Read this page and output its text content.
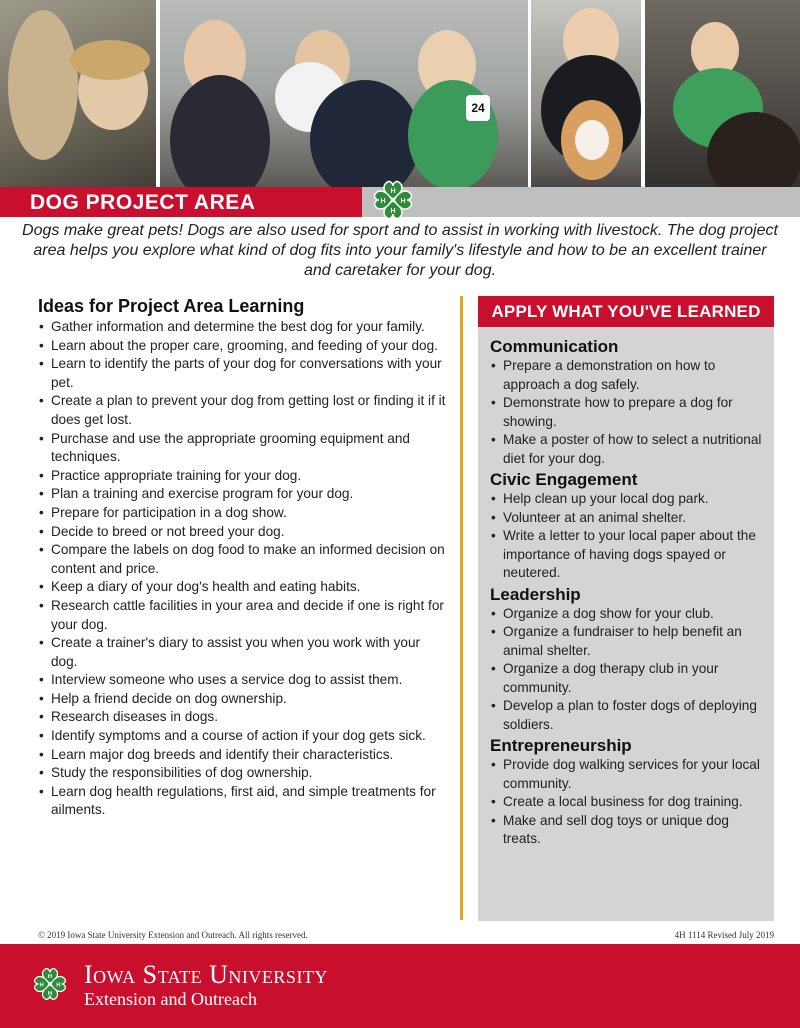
24
DOG PROJECT AREA	H
H
H H

Dogs make great pets! Dogs are also used for sport and to assist in working with livestock. The dog project area helps you explore what kind of dog fits into your family's lifestyle and how to be an excellent trainer and caretaker for your dog.

Ideas for Project Area Learning
• Gather information and determine the best dog for your family.
• Learn about the proper care, grooming, and feeding of your dog.
• Learn to identify the parts of your dog for conversations with your pet.
• Create a plan to prevent your dog from getting lost or finding it if it does get lost.
• Purchase and use the appropriate grooming equipment and techniques.
• Practice appropriate training for your dog.
• Plan a training and exercise program for your dog.
• Prepare for participation in a dog show.
• Decide to breed or not breed your dog.
• Compare the labels on dog food to make an informed decision on content and price.
• Keep a diary of your dog's health and eating habits.
• Research cattle facilities in your area and decide if one is right for your dog.
• Create a trainer's diary to assist you when you work with your dog.
• Interview someone who uses a service dog to assist them.
• Help a friend decide on dog ownership.
• Research diseases in dogs.
• Identify symptoms and a course of action if your dog gets sick.
• Learn major dog breeds and identify their characteristics.
• Study the responsibilities of dog ownership.
• Learn dog health regulations, first aid, and simple treatments for ailments.
APPLY WHAT YOU'VE LEARNED
Communication
• Prepare a demonstration on how to approach a dog safely.
• Demonstrate how to prepare a dog for showing.
• Make a poster of how to select a nutritional diet for your dog.
Civic Engagement
• Help clean up your local dog park.
• Volunteer at an animal shelter.
• Write a letter to your local paper about the importance of having dogs spayed or neutered.
Leadership
• Organize a dog show for your club.
• Organize a fundraiser to help benefit an animal shelter.
• Organize a dog therapy club in your community.
• Develop a plan to foster dogs of deploying soldiers.
Entrepreneurship
• Provide dog walking services for your local community.
• Create a local business for dog training.
• Make and sell dog toys or unique dog treats.
© 2019 Iowa State University Extension and Outreach. All rights reserved.	4H 1114 Revised July 2019
H
H
H H Iowa State University
Extension and Outreach
